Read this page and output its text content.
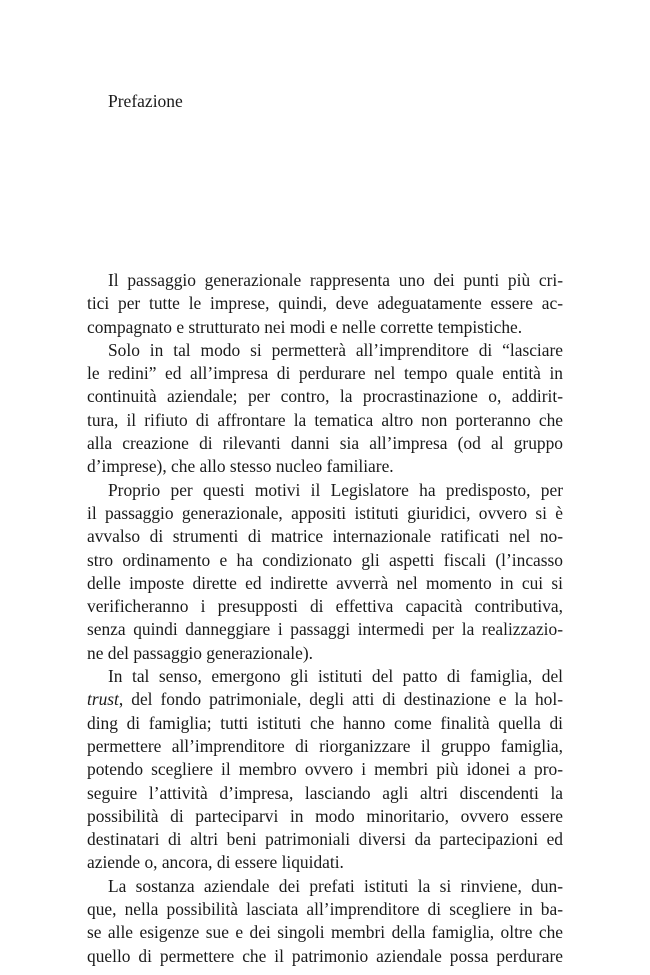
Prefazione
Il passaggio generazionale rappresenta uno dei punti più cri-
tici per tutte le imprese, quindi, deve adeguatamente essere ac-
compagnato e strutturato nei modi e nelle corrette tempistiche.
Solo in tal modo si permetterà all’imprenditore di “lasciare
le redini” ed all’impresa di perdurare nel tempo quale entità in
continuità aziendale; per contro, la procrastinazione o, addirit-
tura, il rifiuto di affrontare la tematica altro non porteranno che
alla creazione di rilevanti danni sia all’impresa (od al gruppo
d’imprese), che allo stesso nucleo familiare.
Proprio per questi motivi il Legislatore ha predisposto, per
il passaggio generazionale, appositi istituti giuridici, ovvero si è
avvalso di strumenti di matrice internazionale ratificati nel no-
stro ordinamento e ha condizionato gli aspetti fiscali (l’incasso
delle imposte dirette ed indirette avverrà nel momento in cui si
verificheranno i presupposti di effettiva capacità contributiva,
senza quindi danneggiare i passaggi intermedi per la realizzazio-
ne del passaggio generazionale).
In tal senso, emergono gli istituti del patto di famiglia, del
trust, del fondo patrimoniale, degli atti di destinazione e la hol-
ding di famiglia; tutti istituti che hanno come finalità quella di
permettere all’imprenditore di riorganizzare il gruppo famiglia,
potendo scegliere il membro ovvero i membri più idonei a pro-
seguire l’attività d’impresa, lasciando agli altri discendenti la
possibilità di parteciparvi in modo minoritario, ovvero essere
destinatari di altri beni patrimoniali diversi da partecipazioni ed
aziende o, ancora, di essere liquidati.
La sostanza aziendale dei prefati istituti la si rinviene, dun-
que, nella possibilità lasciata all’imprenditore di scegliere in ba-
se alle esigenze sue e dei singoli membri della famiglia, oltre che
quello di permettere che il patrimonio aziendale possa perdurare
